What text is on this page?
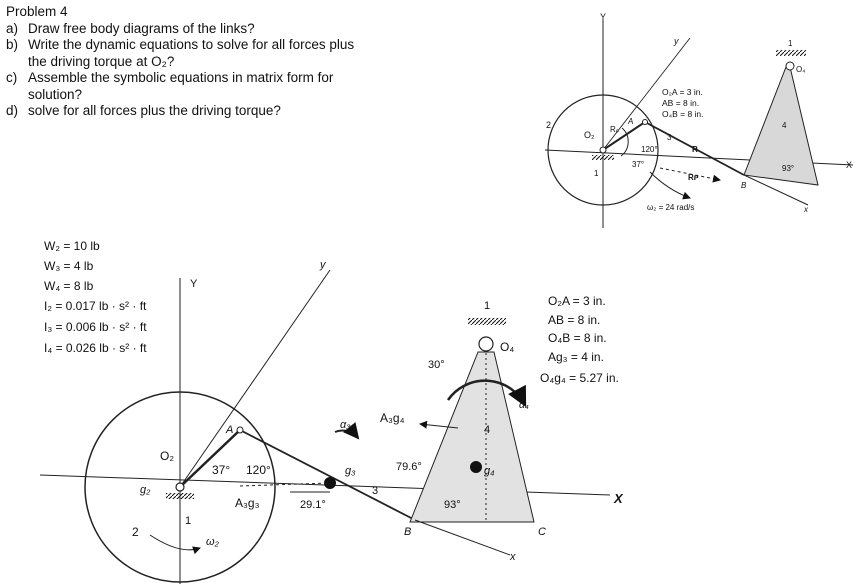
Problem 4
a) Draw free body diagrams of the links?
b) Write the dynamic equations to solve for all forces plus the driving torque at O₂?
c) Assemble the symbolic equations in matrix form for solution?
d) solve for all forces plus the driving torque?
Y
y
2
O₂
Rₒ
A
120°
37°
1
3
R
Rᴘ
ω₂ = 24 rad/s
B
1
O₄
4
93°	X
x
O₂A = 3 in.
AB = 8 in.
O₄B = 8 in.
Y
y
O₂
g₂
A
37° 120°
A₃g₃	29.1°
α₃
g₃
3
A₃g₄
79.6°
30°
1
O₄
α₄
4
g₄
93°
B	C
x
X
1
2
ω₂
W₂ = 10 lb
W₃ = 4 lb
W₄ = 8 lb
I₂ = 0.017 lb · s² · ft
I₃ = 0.006 lb · s² · ft
I₄ = 0.026 lb · s² · ft
O₂A = 3 in.
AB = 8 in.
O₄B = 8 in.
Ag₃ = 4 in.
O₄g₄ = 5.27 in.
